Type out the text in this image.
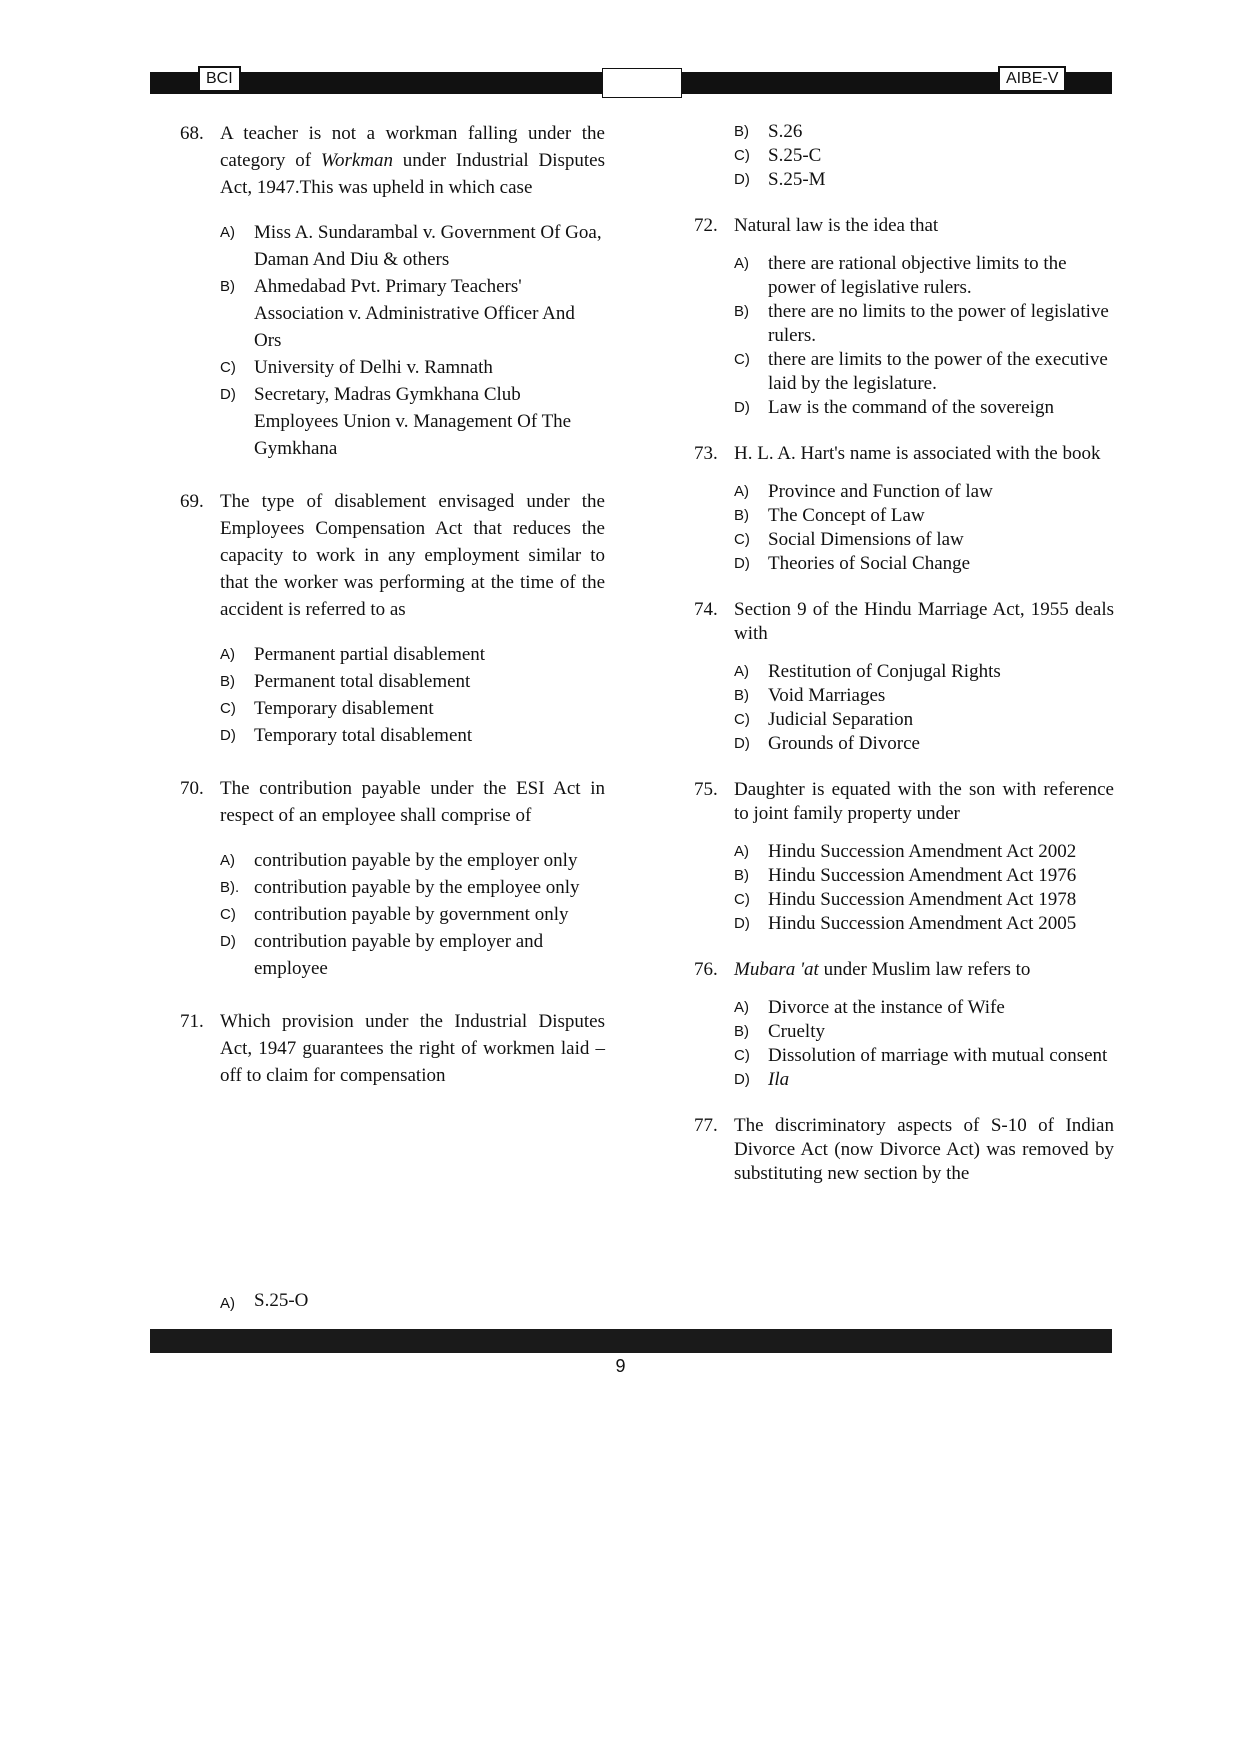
BCI	AIBE-V
68. A teacher is not a workman falling under the category of Workman under Industrial Disputes Act, 1947.This was upheld in which case
A)	Miss A. Sundarambal v. Government Of Goa, Daman And Diu & others
B)	Ahmedabad Pvt. Primary Teachers' Association v. Administrative Officer And Ors
C) University of Delhi v. Ramnath
D) Secretary, Madras Gymkhana Club Employees Union v. Management Of The Gymkhana
69. The type of disablement envisaged under the Employees Compensation Act that reduces the capacity to work in any employment similar to that the worker was performing at the time of the accident is referred to as
A)	Permanent partial disablement
B)	Permanent total disablement
C) Temporary disablement
D) Temporary total disablement
70. The contribution payable under the ESI Act in respect of an employee shall comprise of
A)	contribution payable by the employer only
B). contribution payable by the employee only
C) contribution payable by government only
D) contribution payable by employer and employee
71. Which provision under the Industrial Disputes Act, 1947 guarantees the right of workmen laid –off to claim for compensation
A)	S.25-O
B)	S.26
C) S.25-C
D) S.25-M
72. Natural law is the idea that
A)	there are rational objective limits to the power of legislative rulers.
B)	there are no limits to the power of legislative rulers.
C) there are limits to the power of the executive laid by the legislature.
D) Law is the command of the sovereign
73. H. L. A. Hart's name is associated with the book
A)	Province and Function of law
B)	The Concept of Law
C) Social Dimensions of law
D) Theories of Social Change
74. Section 9 of the Hindu Marriage Act, 1955 deals with
A)	Restitution of Conjugal Rights
B)	Void Marriages
C) Judicial Separation
D) Grounds of Divorce
75. Daughter is equated with the son with reference to joint family property under
A)	Hindu Succession Amendment Act 2002
B)	Hindu Succession Amendment Act 1976
C) Hindu Succession Amendment Act 1978
D) Hindu Succession Amendment Act 2005
76. Mubara 'at under Muslim law refers to
A)	Divorce at the instance of Wife
B)	Cruelty
C) Dissolution of marriage with mutual consent
D) Ila
77. The discriminatory aspects of S-10 of Indian Divorce Act (now Divorce Act) was removed by substituting new section by the
9
